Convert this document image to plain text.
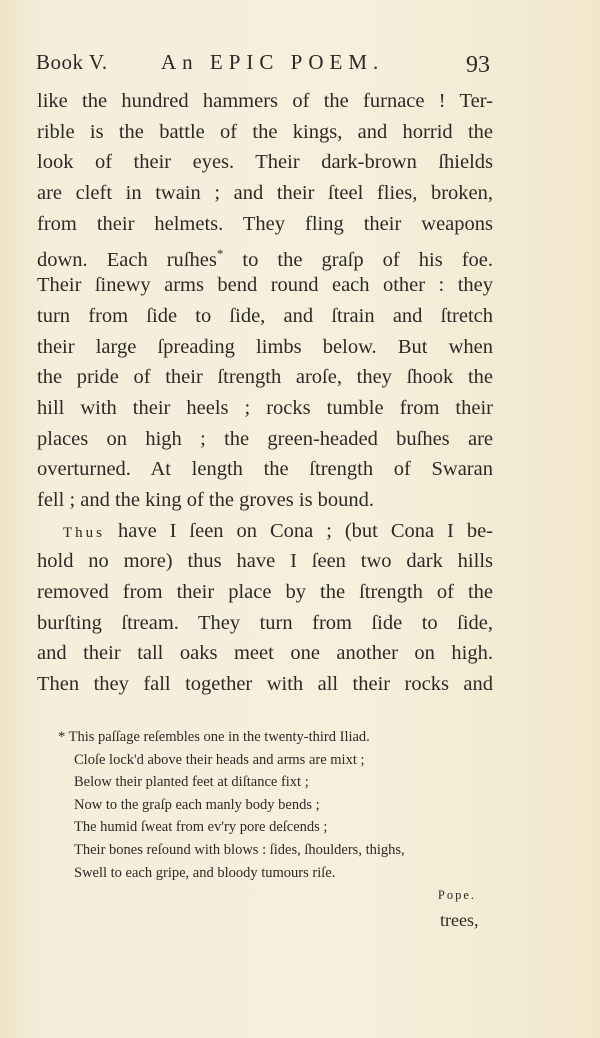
Book V.	An EPIC POEM.	93
like the hundred hammers of the furnace ! Ter-
rible is the battle of the kings, and horrid the
look of their eyes. Their dark-brown ſhields
are cleft in twain ; and their ſteel flies, broken,
from their helmets. They fling their weapons
down. Each ruſhes* to the graſp of his foe.
Their ſinewy arms bend round each other : they
turn from ſide to ſide, and ſtrain and ſtretch
their large ſpreading limbs below. But when
the pride of their ſtrength aroſe, they ſhook the
hill with their heels ; rocks tumble from their
places on high ; the green-headed buſhes are
overturned. At length the ſtrength of Swaran
fell ; and the king of the groves is bound.
Thus have I ſeen on Cona ; (but Cona I be-
hold no more) thus have I ſeen two dark hills
removed from their place by the ſtrength of the
burſting ſtream. They turn from ſide to ſide,
and their tall oaks meet one another on high.
Then they fall together with all their rocks and
* This paſſage reſembles one in the twenty-third Iliad.
Cloſe lock'd above their heads and arms are mixt ;
Below their planted feet at diſtance fixt ;
Now to the graſp each manly body bends ;
The humid ſweat from ev'ry pore deſcends ;
Their bones reſound with blows : ſides, ſhoulders, thighs,
Swell to each gripe, and bloody tumours riſe.
Pope.
trees,
